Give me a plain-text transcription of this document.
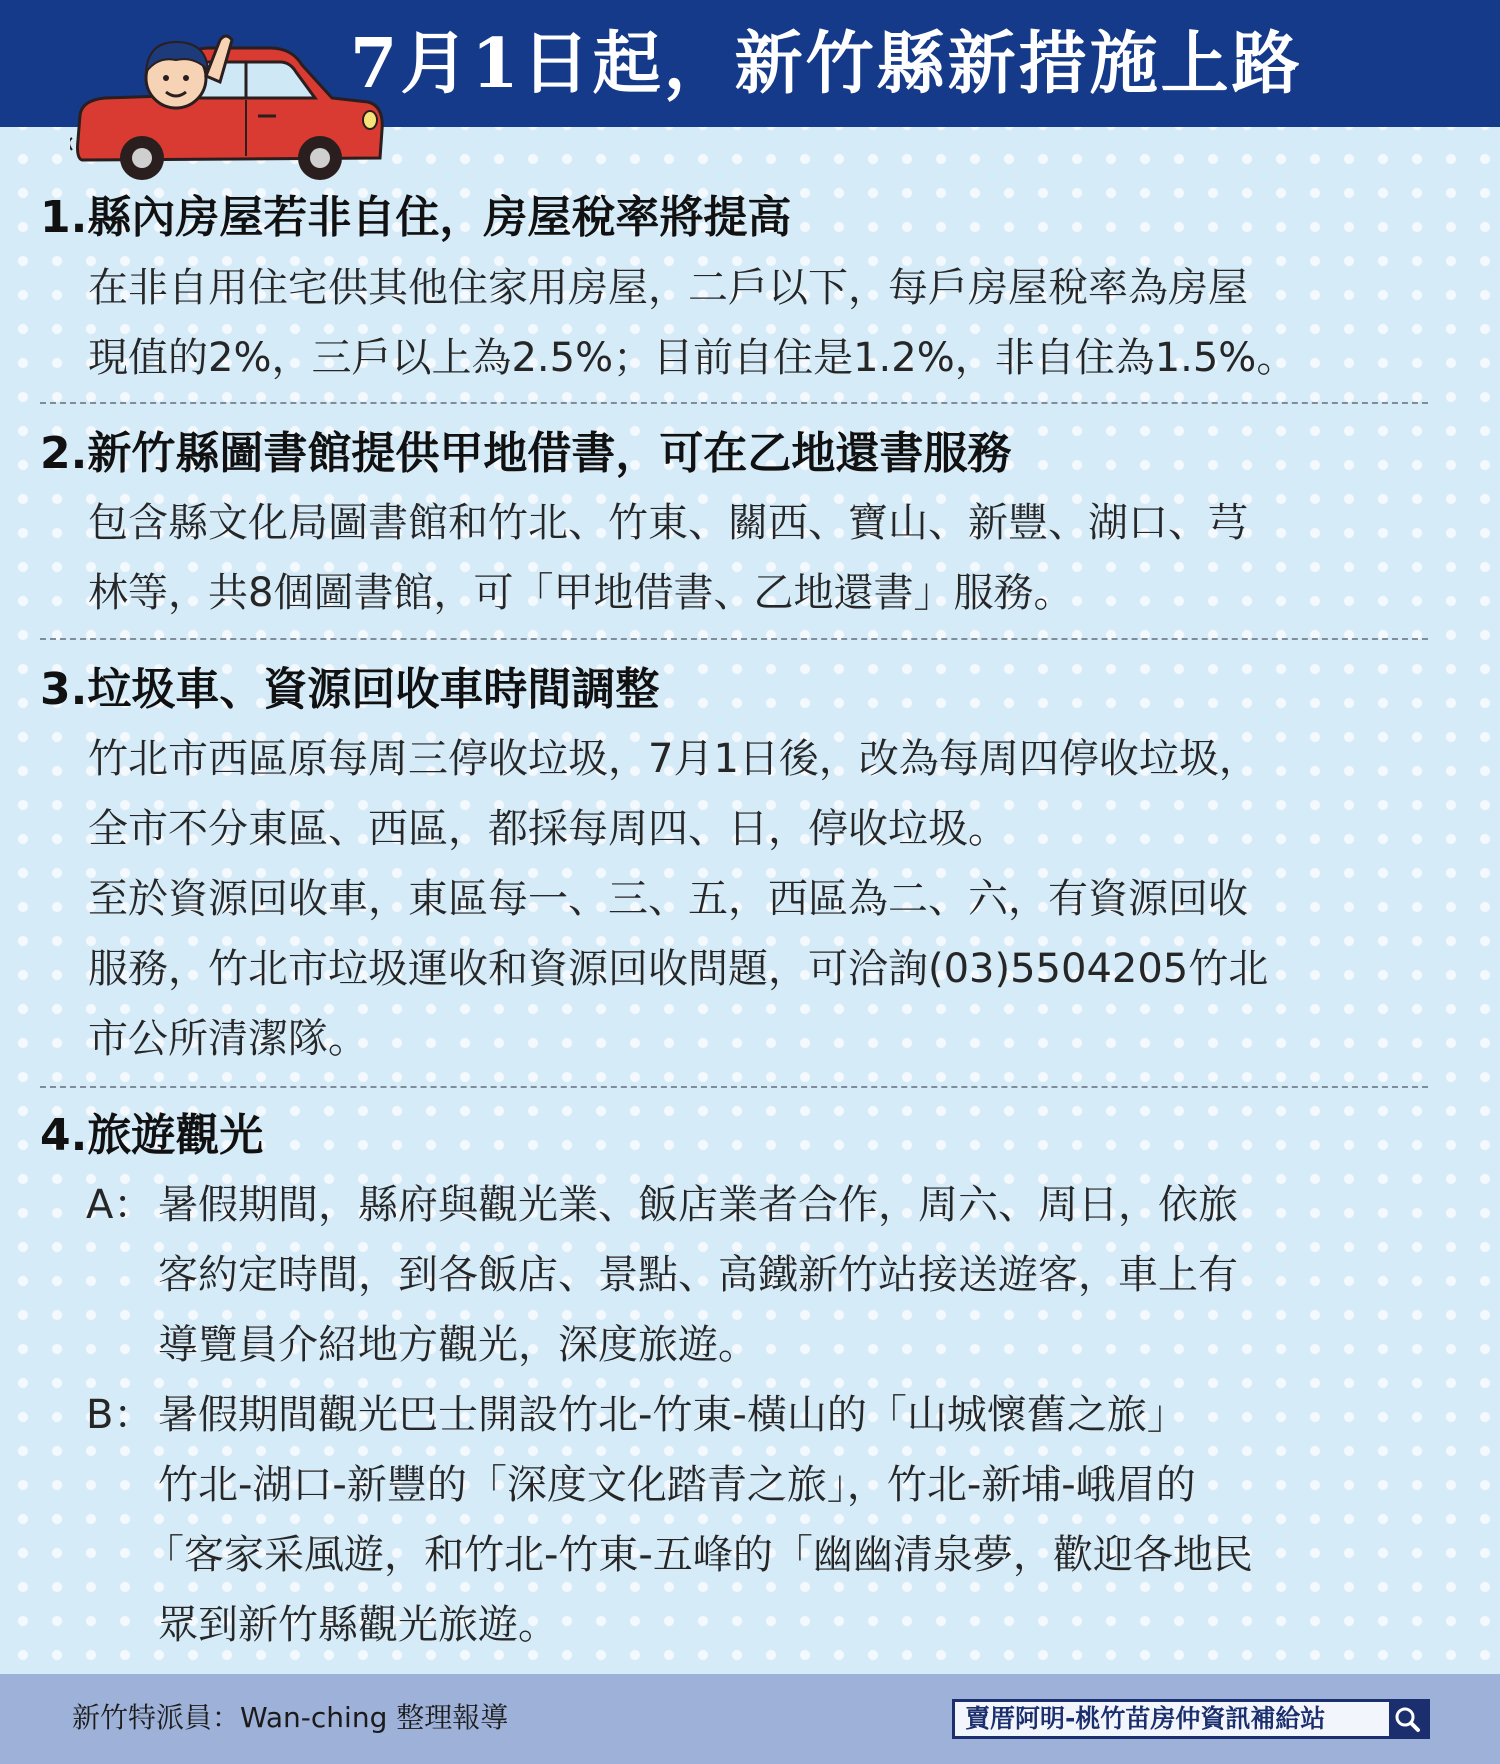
7月1日起，新竹縣新措施上路
1.縣內房屋若非自住，房屋稅率將提高
在非自用住宅供其他住家用房屋，二戶以下，每戶房屋稅率為房屋
現值的2%，三戶以上為2.5%；目前自住是1.2%，非自住為1.5%。
2.新竹縣圖書館提供甲地借書，可在乙地還書服務
包含縣文化局圖書館和竹北、竹東、關西、寶山、新豐、湖口、芎
林等，共8個圖書館，可「甲地借書、乙地還書」服務。
3.垃圾車、資源回收車時間調整
竹北市西區原每周三停收垃圾，7月1日後，改為每周四停收垃圾，
全市不分東區、西區，都採每周四、日，停收垃圾。
至於資源回收車，東區每一、三、五，西區為二、六，有資源回收
服務，竹北市垃圾運收和資源回收問題，可洽詢(03)5504205竹北
市公所清潔隊。
4.旅遊觀光
A： 暑假期間，縣府與觀光業、飯店業者合作，周六、周日，依旅
客約定時間，到各飯店、景點、高鐵新竹站接送遊客，車上有
導覽員介紹地方觀光，深度旅遊。
B： 暑假期間觀光巴士開設竹北-竹東-橫山的「山城懷舊之旅」
竹北-湖口-新豐的「深度文化踏青之旅」，竹北-新埔-峨眉的
「客家采風遊，和竹北-竹東-五峰的「幽幽清泉夢，歡迎各地民
眾到新竹縣觀光旅遊。
新竹特派員：Wan-ching 整理報導	賣厝阿明-桃竹苗房仲資訊補給站
